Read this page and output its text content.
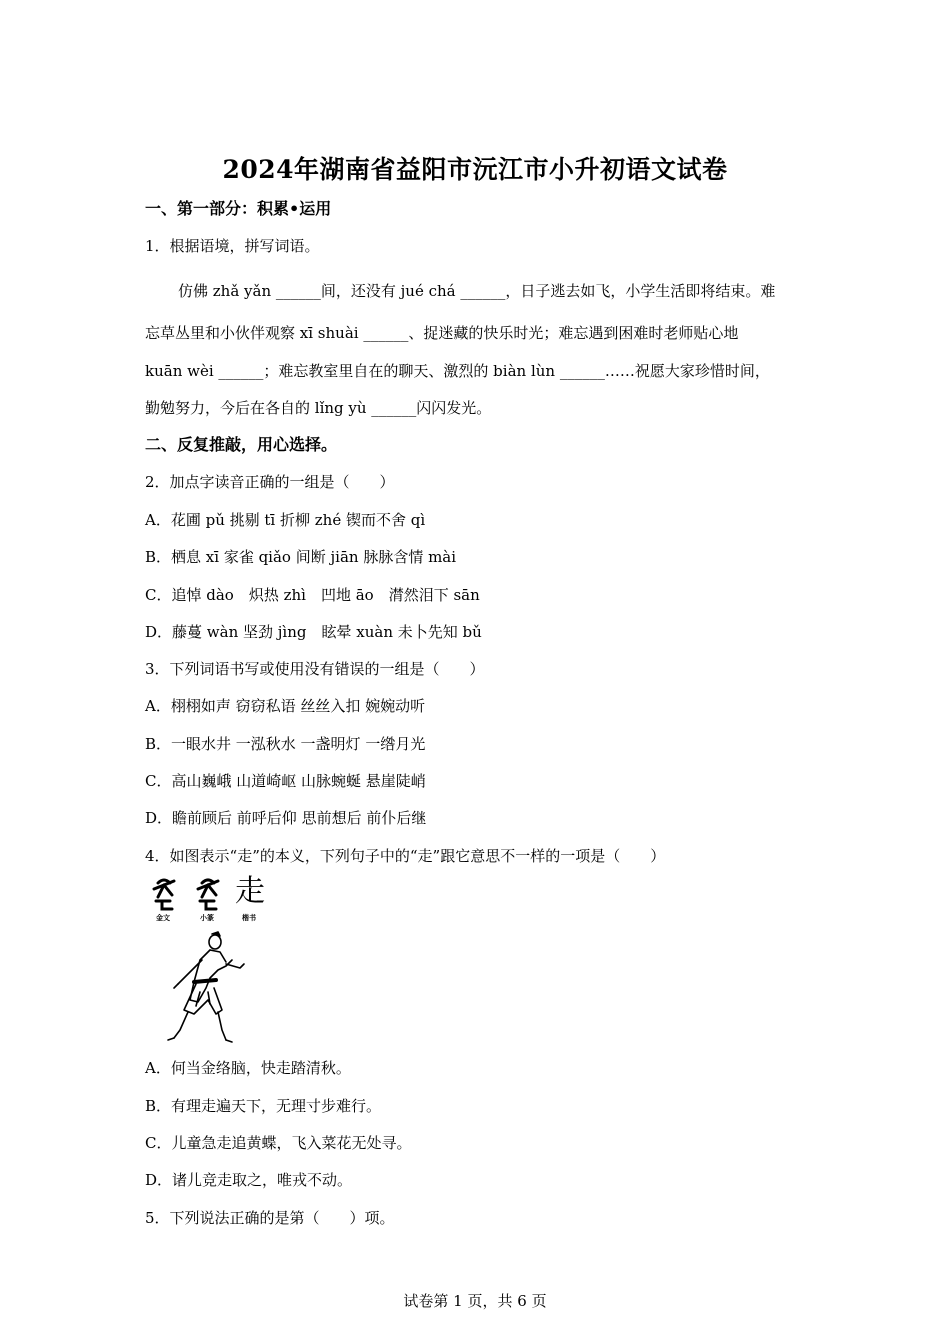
2024年湖南省益阳市沅江市小升初语文试卷
一、第一部分：积累•运用
1．根据语境，拼写词语。
仿佛 zhǎ yǎn ______间，还没有 jué chá ______，日子逃去如飞，小学生活即将结束。难
忘草丛里和小伙伴观察 xī shuài ______、捉迷藏的快乐时光；难忘遇到困难时老师贴心地
kuān wèi ______；难忘教室里自在的聊天、激烈的 biàn lùn ______……祝愿大家珍惜时间，
勤勉努力，今后在各自的 lǐng yù ______闪闪发光。
二、反复推敲，用心选择。
2．加点字读音正确的一组是（　　）
A．花圃 pǔ 挑剔 tī 折柳 zhé 锲而不舍 qì
B．栖息 xī 家雀 qiǎo 间断 jiān 脉脉含情 mài
C．追悼 dào　炽热 zhì　凹地 āo　潸然泪下 sān
D．藤蔓 wàn 坚劲 jìng　眩晕 xuàn 未卜先知 bǔ
3．下列词语书写或使用没有错误的一组是（　　）
A．栩栩如声 窃窃私语 丝丝入扣 婉婉动听
B．一眼水井 一泓秋水 一盏明灯 一绺月光
C．高山巍峨 山道崎岖 山脉蜿蜒 悬崖陡峭
D．瞻前顾后 前呼后仰 思前想后 前仆后继
4．如图表示“走”的本义，下列句子中的“走”跟它意思不一样的一项是（　　）
走
金文	小篆	楷书
A．何当金络脑，快走踏清秋。
B．有理走遍天下，无理寸步难行。
C．儿童急走追黄蝶，飞入菜花无处寻。
D．诸儿竞走取之，唯戎不动。
5．下列说法正确的是第（　　）项。
试卷第 1 页，共 6 页
